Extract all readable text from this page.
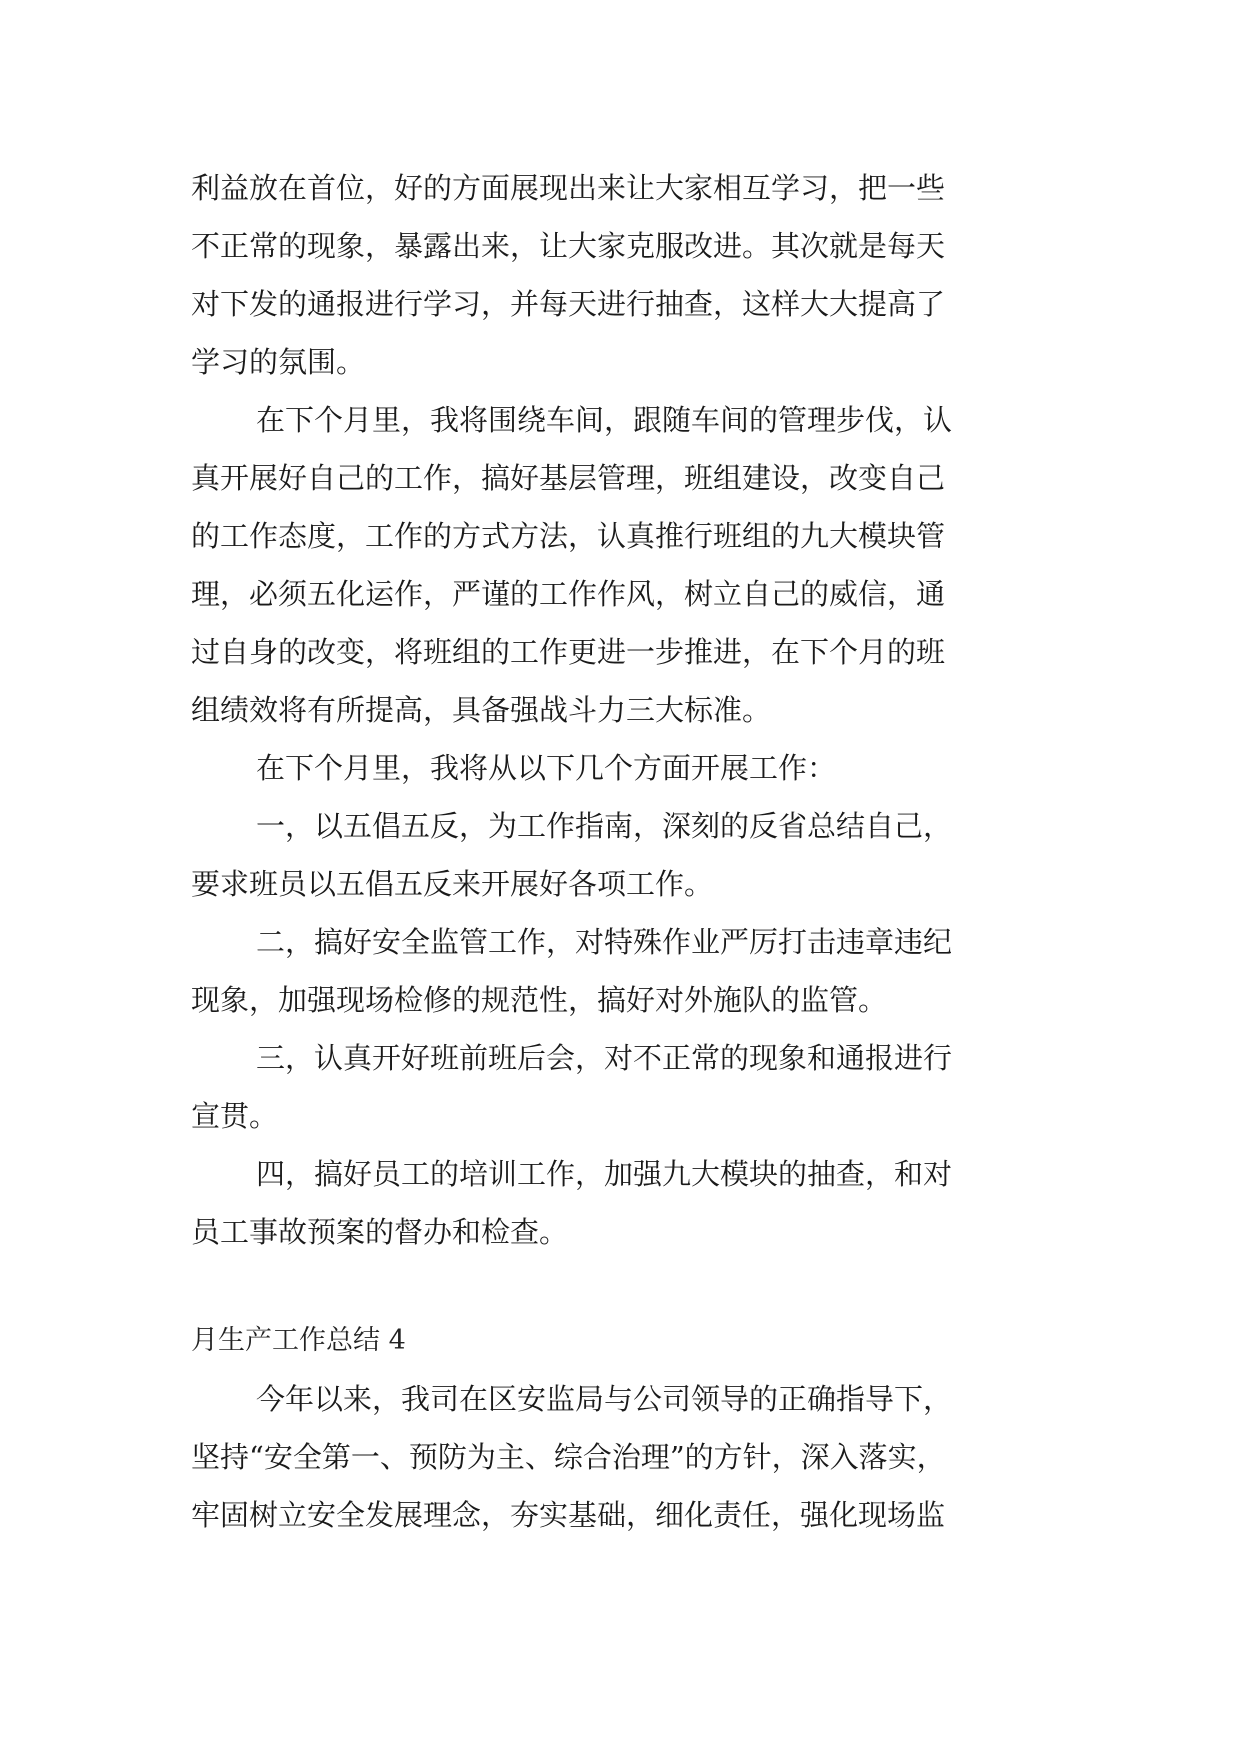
利益放在首位，好的方面展现出来让大家相互学习，把一些
不正常的现象，暴露出来，让大家克服改进。其次就是每天
对下发的通报进行学习，并每天进行抽查，这样大大提高了
学习的氛围。
在下个月里，我将围绕车间，跟随车间的管理步伐，认
真开展好自己的工作，搞好基层管理，班组建设，改变自己
的工作态度，工作的方式方法，认真推行班组的九大模块管
理，必须五化运作，严谨的工作作风，树立自己的威信，通
过自身的改变，将班组的工作更进一步推进，在下个月的班
组绩效将有所提高，具备强战斗力三大标准。
在下个月里，我将从以下几个方面开展工作：
一，以五倡五反，为工作指南，深刻的反省总结自己，
要求班员以五倡五反来开展好各项工作。
二，搞好安全监管工作，对特殊作业严厉打击违章违纪
现象，加强现场检修的规范性，搞好对外施队的监管。
三，认真开好班前班后会，对不正常的现象和通报进行
宣贯。
四，搞好员工的培训工作，加强九大模块的抽查，和对
员工事故预案的督办和检查。
月生产工作总结 4
今年以来，我司在区安监局与公司领导的正确指导下，
坚持“安全第一、预防为主、综合治理”的方针，深入落实，
牢固树立安全发展理念，夯实基础，细化责任，强化现场监
